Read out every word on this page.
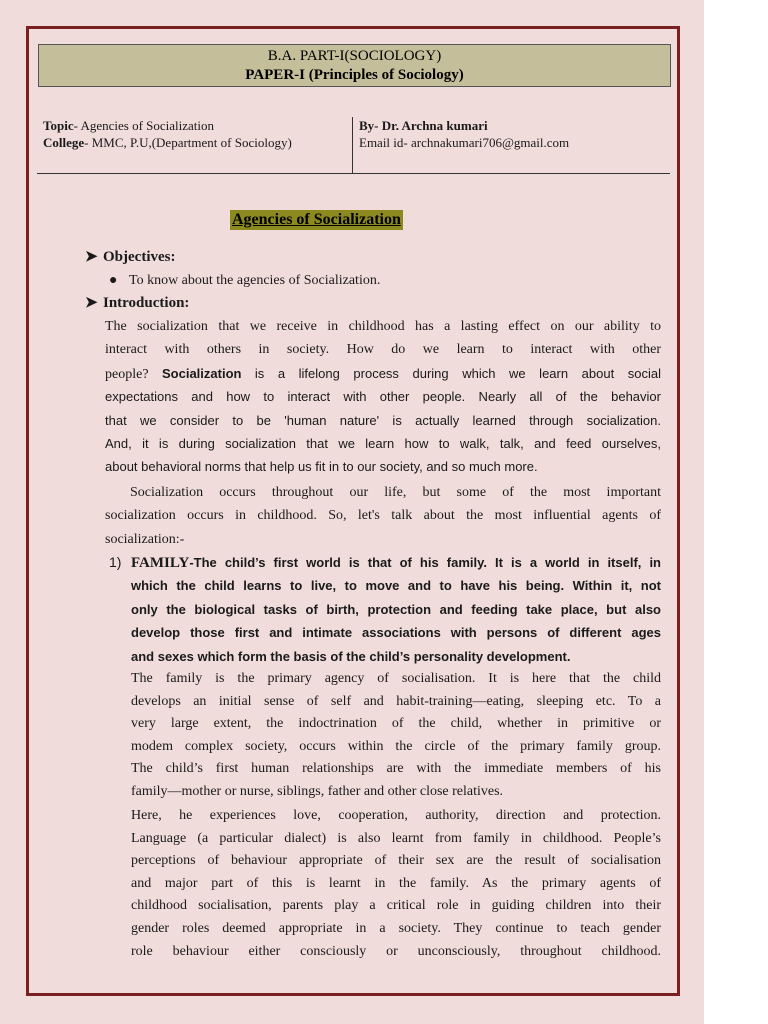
B.A. PART-I(SOCIOLOGY)
PAPER-I (Principles of Sociology)
Topic- Agencies of Socialization
College- MMC, P.U,(Department of Sociology)
By- Dr. Archna kumari
Email id- archnakumari706@gmail.com
Agencies of Socialization
➤ Objectives:
● To know about the agencies of Socialization.
➤ Introduction:
The socialization that we receive in childhood has a lasting effect on our ability to
interact with others in society. How do we learn to interact with other
people? Socialization is a lifelong process during which we learn about social
expectations and how to interact with other people. Nearly all of the behavior
that we consider to be 'human nature' is actually learned through socialization.
And, it is during socialization that we learn how to walk, talk, and feed ourselves,
about behavioral norms that help us fit in to our society, and so much more.
Socialization occurs throughout our life, but some of the most important
socialization occurs in childhood. So, let's talk about the most influential agents of
socialization:-
1) FAMILY-The child’s first world is that of his family. It is a world in itself, in
which the child learns to live, to move and to have his being. Within it, not
only the biological tasks of birth, protection and feeding take place, but also
develop those first and intimate associations with persons of different ages
and sexes which form the basis of the child’s personality development.
The family is the primary agency of socialisation. It is here that the child
develops an initial sense of self and habit-training—eating, sleeping etc. To a
very large extent, the indoctrination of the child, whether in primitive or
modem complex society, occurs within the circle of the primary family group.
The child’s first human relationships are with the immediate members of his
family—mother or nurse, siblings, father and other close relatives.
Here, he experiences love, cooperation, authority, direction and protection.
Language (a particular dialect) is also learnt from family in childhood. People’s
perceptions of behaviour appropriate of their sex are the result of socialisation
and major part of this is learnt in the family. As the primary agents of
childhood socialisation, parents play a critical role in guiding children into their
gender roles deemed appropriate in a society. They continue to teach gender
role behaviour either consciously or unconsciously, throughout childhood.
